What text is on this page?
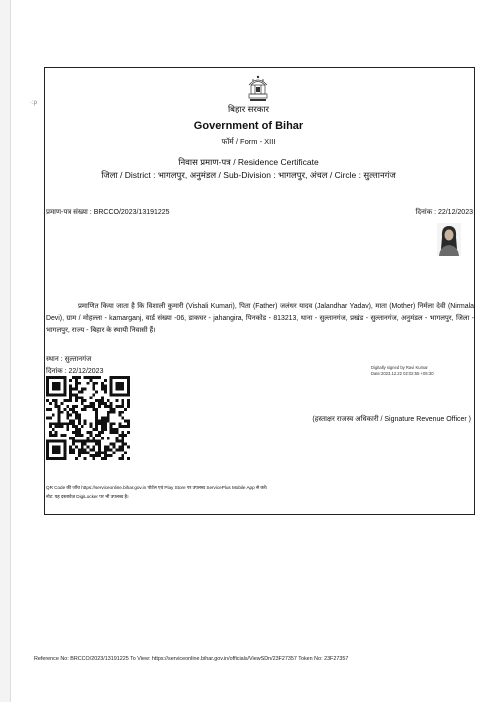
·:ρ
बिहार सरकार
Government of Bihar
फॉर्म / Form - XIII
निवास प्रमाण-पत्र / Residence Certificate
जिला / District : भागलपुर, अनुमंडल / Sub-Division : भागलपुर, अंचल / Circle : सुल्तानगंज
प्रमाण-पत्र संख्या : BRCCO/2023/13191225	दिनांक : 22/12/2023
प्रमाणित किया जाता है कि विशाली कुमारी (Vishali Kumari), पिता (Father) जलंधर यादव (Jalandhar Yadav), माता (Mother) निर्मला देवी (Nirmala Devi), ग्राम / मोहल्ला - kamarganj, वार्ड संख्या -06, डाकघर - jahangira, पिनकोड - 813213, थाना - सुल्तानगंज, प्रखंड - सुल्तानगंज, अनुमंडल - भागलपुर, जिला - भागलपुर, राज्य - बिहार के स्थायी निवासी हैं।
स्थान : सुल्तानगंज
दिनांक : 22/12/2023
Digitally signed by Ravi Kumar
Date:2023.12.22 02:02:55 +05:30
(हस्ताक्षर राजस्व अधिकारी / Signature Revenue Officer )
QR Code की जाँच https://serviceonline.bihar.gov.in पोर्टल एवं Play Store पर उपलब्ध ServicePlus Mobile App से करें।
नोट: यह दस्तावेज़ DigiLocker पर भी उपलब्ध है।
Reference No: BRCCO/2023/13191225 To View: https://serviceonline.bihar.gov.in/officials/ViewSDn/23F27357 Token No: 23F27357
